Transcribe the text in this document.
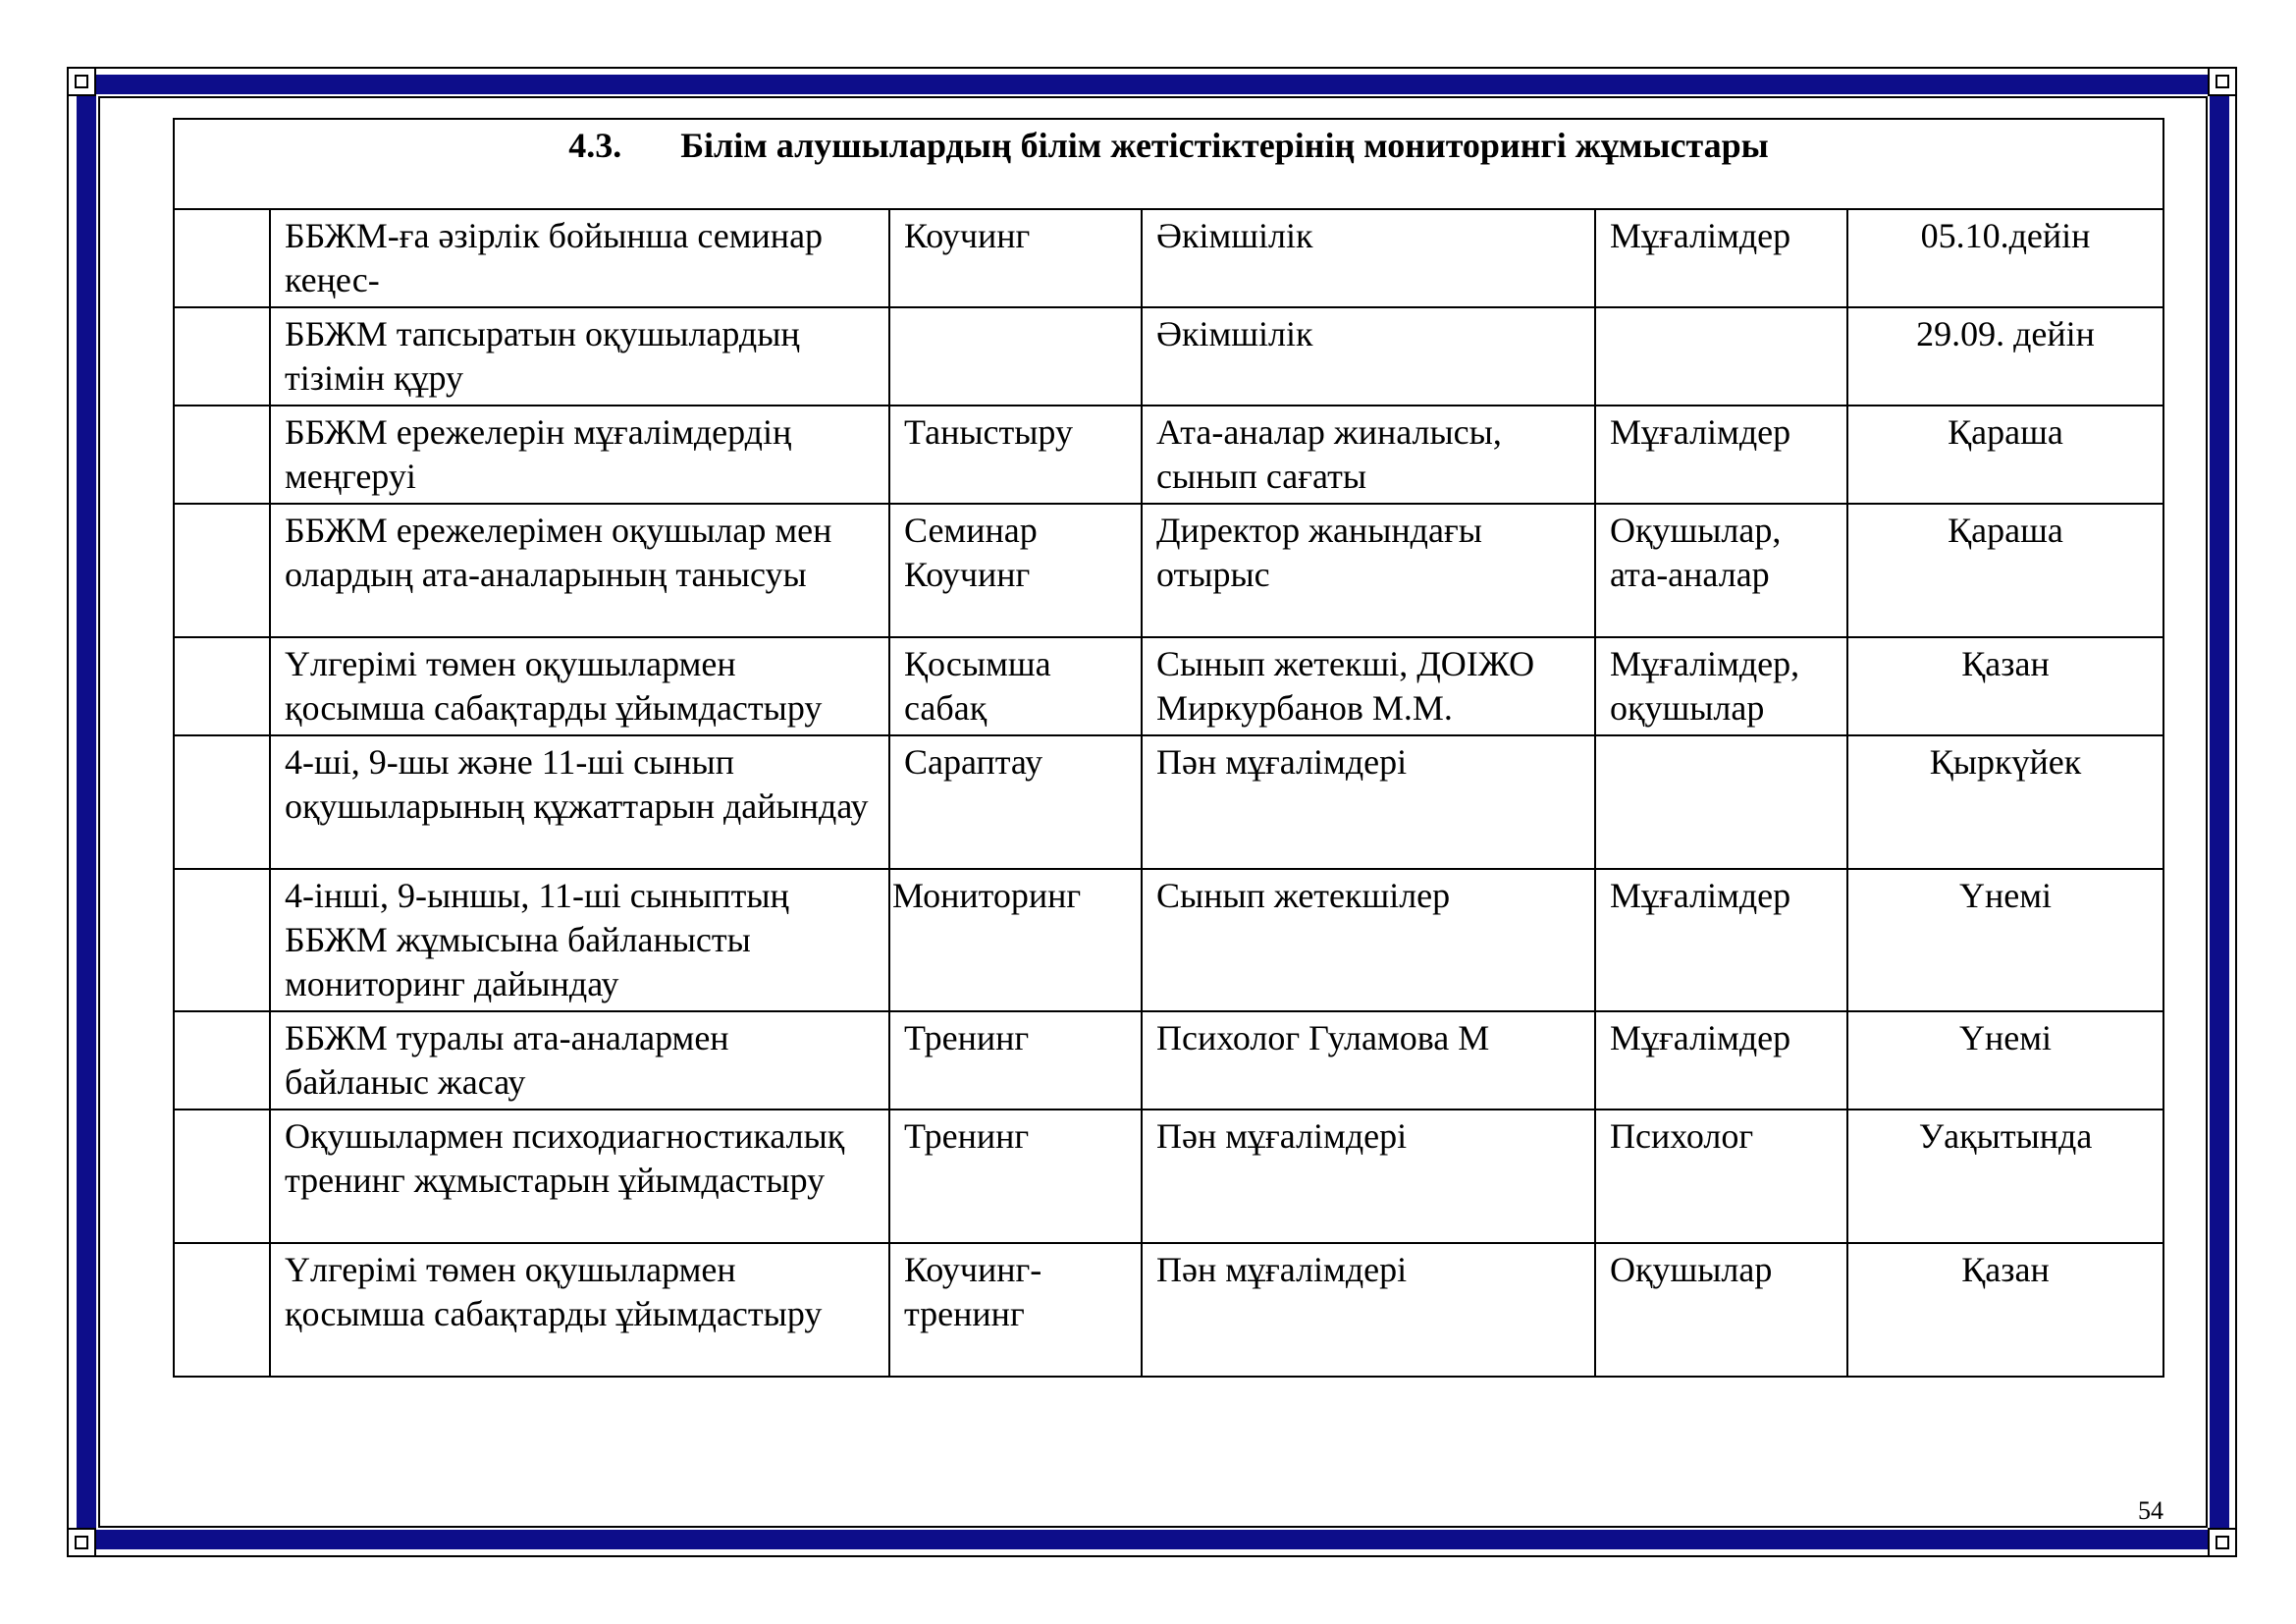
4.3. Білім алушылардың білім жетістіктерінің мониторингі жұмыстары					
	ББЖМ-ға әзірлік бойынша семинар кеңес-	Коучинг	Әкімшілік	Мұғалімдер	05.10.дейін
	ББЖМ тапсыратын оқушылардың тізімін құру		Әкімшілік		29.09. дейін
	ББЖМ ережелерін мұғалімдердің меңгеруі	Таныстыру	Ата-аналар жиналысы, сынып сағаты	Мұғалімдер	Қараша
	ББЖМ ережелерімен оқушылар мен олардың ата-аналарының танысуы	Семинар Коучинг	Директор жанындағы отырыс	Оқушылар, ата-аналар	Қараша
	Үлгерімі төмен оқушылармен қосымша сабақтарды ұйымдастыру	Қосымша сабақ	Сынып жетекші, ДОІЖО Миркурбанов М.М.	Мұғалімдер, оқушылар	Қазан
	4-ші, 9-шы және 11-ші сынып оқушыларының құжаттарын дайындау	Сараптау	Пән мұғалімдері		Қыркүйек
	4-інші, 9-ыншы, 11-ші сыныптың ББЖМ жұмысына байланысты мониторинг дайындау	Мониторинг	Сынып жетекшілер	Мұғалімдер	Үнемі
	ББЖМ туралы ата-аналармен байланыс жасау	Тренинг	Психолог Гуламова М	Мұғалімдер	Үнемі
	Оқушылармен психодиагностикалық тренинг жұмыстарын ұйымдастыру	Тренинг	Пән мұғалімдері	Психолог	Уақытында
	Үлгерімі төмен оқушылармен қосымша сабақтарды ұйымдастыру	Коучинг-тренинг	Пән мұғалімдері	Оқушылар	Қазан
54
